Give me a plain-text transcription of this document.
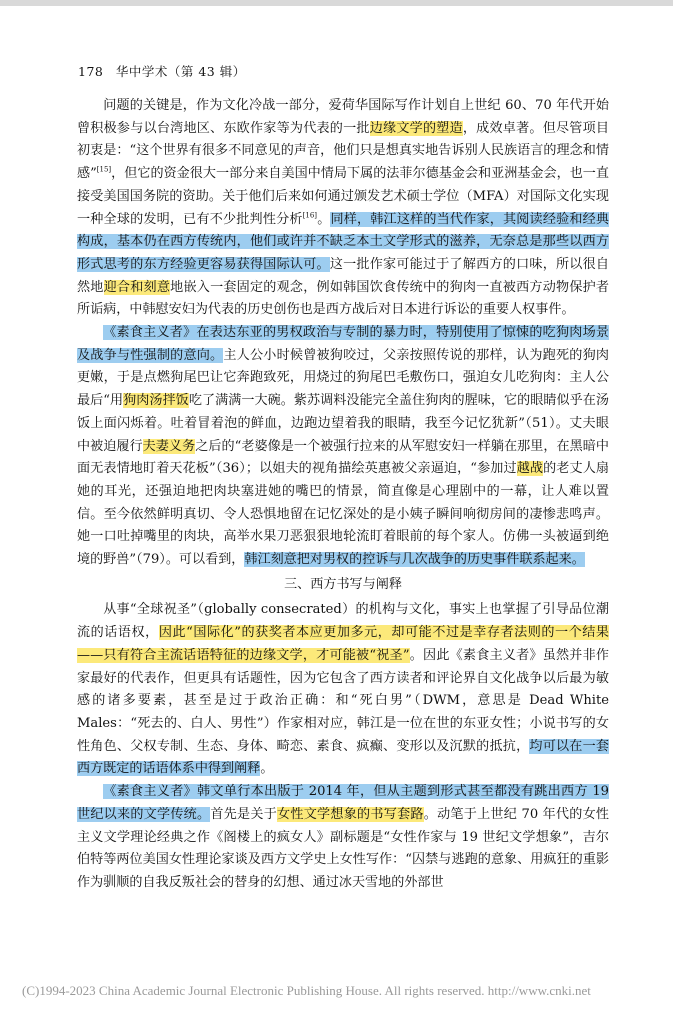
178 华中学术（第 43 辑）

问题的关键是，作为文化冷战一部分，爱荷华国际写作计划自上世纪 60、70 年代开始曾积极参与以台湾地区、东欧作家等为代表的一批边缘文学的塑造，成效卓著。但尽管项目初衷是：“这个世界有很多不同意见的声音，他们只是想真实地告诉别人民族语言的理念和情感”[15]，但它的资金很大一部分来自美国中情局下属的法菲尔德基金会和亚洲基金会，也一直接受美国国务院的资助。关于他们后来如何通过颁发艺术硕士学位（MFA）对国际文化实现一种全球的发明，已有不少批判性分析[16]。同样，韩江这样的当代作家，其阅读经验和经典构成，基本仍在西方传统内，他们或许并不缺乏本土文学形式的滋养，无奈总是那些以西方形式思考的东方经验更容易获得国际认可。这一批作家可能过于了解西方的口味，所以很自然地迎合和刻意地嵌入一套固定的观念，例如韩国饮食传统中的狗肉一直被西方动物保护者所诟病，中韩慰安妇为代表的历史创伤也是西方战后对日本进行诉讼的重要人权事件。

《素食主义者》在表达东亚的男权政治与专制的暴力时，特别使用了惊悚的吃狗肉场景及战争与性强制的意向。主人公小时候曾被狗咬过，父亲按照传说的那样，认为跑死的狗肉更嫩，于是点燃狗尾巴让它奔跑致死，用烧过的狗尾巴毛敷伤口，强迫女儿吃狗肉：主人公最后“用狗肉汤拌饭吃了满满一大碗。紫苏调料没能完全盖住狗肉的腥味，它的眼睛似乎在汤饭上面闪烁着。吐着冒着泡的鲜血，边跑边望着我的眼睛，我至今记忆犹新”（51）。丈夫眼中被迫履行夫妻义务之后的“老婆像是一个被强行拉来的从军慰安妇一样躺在那里，在黑暗中面无表情地盯着天花板”（36）；以姐夫的视角描绘英惠被父亲逼迫，“参加过越战的老丈人扇她的耳光，还强迫地把肉块塞进她的嘴巴的情景，简直像是心理剧中的一幕，让人难以置信。至今依然鲜明真切、令人恐惧地留在记忆深处的是小姨子瞬间响彻房间的凄惨悲鸣声。她一口吐掉嘴里的肉块，高举水果刀恶狠狠地轮流盯着眼前的每个家人。仿佛一头被逼到绝境的野兽”（79）。可以看到，韩江刻意把对男权的控诉与几次战争的历史事件联系起来。

三、西方书写与阐释

从事“全球祝圣”（globally consecrated）的机构与文化，事实上也掌握了引导品位潮流的话语权，因此“国际化”的获奖者本应更加多元，却可能不过是幸存者法则的一个结果——只有符合主流话语特征的边缘文学，才可能被“祝圣”。因此《素食主义者》虽然并非作家最好的代表作，但更具有话题性，因为它包含了西方读者和评论界自文化战争以后最为敏感的诸多要素，甚至是过于政治正确：和“死白男”（DWM，意思是 Dead White Males：“死去的、白人、男性”）作家相对应，韩江是一位在世的东亚女性；小说书写的女性角色、父权专制、生态、身体、畸恋、素食、疯癫、变形以及沉默的抵抗，均可以在一套西方既定的话语体系中得到阐释。

《素食主义者》韩文单行本出版于 2014 年，但从主题到形式甚至都没有跳出西方 19 世纪以来的文学传统。首先是关于女性文学想象的书写套路。动笔于上世纪 70 年代的女性主义文学理论经典之作《阁楼上的疯女人》副标题是“女性作家与 19 世纪文学想象”，吉尔伯特等两位美国女性理论家谈及西方文学史上女性写作：“囚禁与逃跑的意象、用疯狂的重影作为驯顺的自我反叛社会的替身的幻想、通过冰天雪地的外部世

(C)1994-2023 China Academic Journal Electronic Publishing House. All rights reserved. http://www.cnki.net
